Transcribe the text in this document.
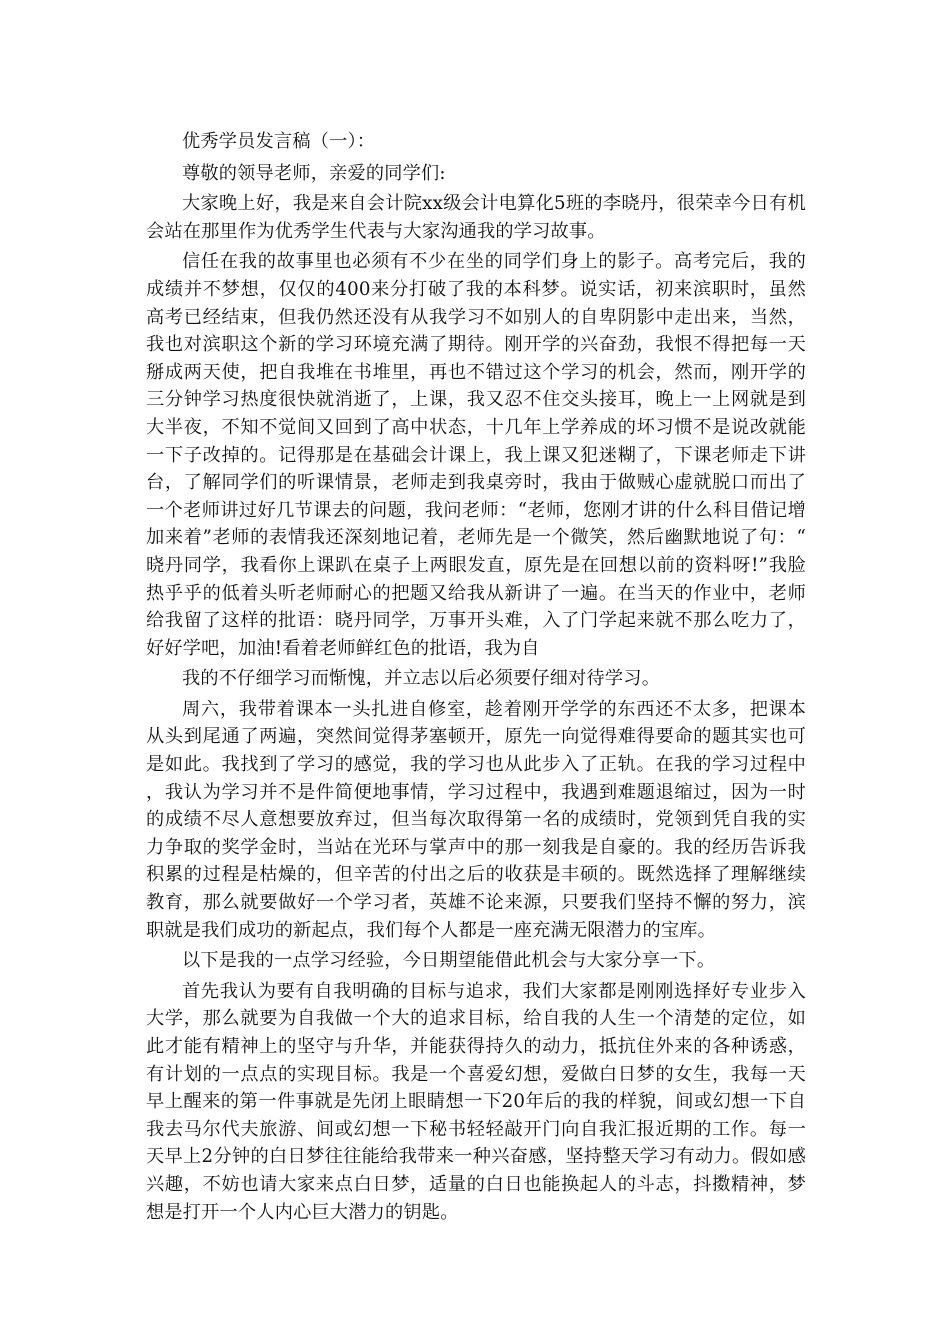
优秀学员发言稿（一）：

尊敬的领导老师，亲爱的同学们:

大家晚上好，我是来自会计院xx级会计电算化5班的李晓丹，很荣幸今日有机会站在那里作为优秀学生代表与大家沟通我的学习故事。

信任在我的故事里也必须有不少在坐的同学们身上的影子。高考完后，我的成绩并不梦想，仅仅的400来分打破了我的本科梦。说实话，初来滨职时，虽然高考已经结束，但我仍然还没有从我学习不如别人的自卑阴影中走出来，当然，我也对滨职这个新的学习环境充满了期待。刚开学的兴奋劲，我恨不得把每一天掰成两天使，把自我堆在书堆里，再也不错过这个学习的机会，然而，刚开学的三分钟学习热度很快就消逝了，上课，我又忍不住交头接耳，晚上一上网就是到大半夜，不知不觉间又回到了高中状态，十几年上学养成的坏习惯不是说改就能一下子改掉的。记得那是在基础会计课上，我上课又犯迷糊了，下课老师走下讲台，了解同学们的听课情景，老师走到我桌旁时，我由于做贼心虚就脱口而出了一个老师讲过好几节课去的问题，我问老师：“老师，您刚才讲的什么科目借记增加来着”老师的表情我还深刻地记着，老师先是一个微笑，然后幽默地说了句：“晓丹同学，我看你上课趴在桌子上两眼发直，原先是在回想以前的资料呀!”我脸热乎乎的低着头听老师耐心的把题又给我从新讲了一遍。在当天的作业中，老师给我留了这样的批语：晓丹同学，万事开头难，入了门学起来就不那么吃力了，好好学吧，加油!看着老师鲜红色的批语，我为自

我的不仔细学习而惭愧，并立志以后必须要仔细对待学习。

周六，我带着课本一头扎进自修室，趁着刚开学学的东西还不太多，把课本从头到尾通了两遍，突然间觉得茅塞顿开，原先一向觉得难得要命的题其实也可是如此。我找到了学习的感觉，我的学习也从此步入了正轨。在我的学习过程中，我认为学习并不是件简便地事情，学习过程中，我遇到难题退缩过，因为一时的成绩不尽人意想要放弃过，但当每次取得第一名的成绩时，党领到凭自我的实力争取的奖学金时，当站在光环与掌声中的那一刻我是自豪的。我的经历告诉我积累的过程是枯燥的，但辛苦的付出之后的收获是丰硕的。既然选择了理解继续教育，那么就要做好一个学习者，英雄不论来源，只要我们坚持不懈的努力，滨职就是我们成功的新起点，我们每个人都是一座充满无限潜力的宝库。

以下是我的一点学习经验，今日期望能借此机会与大家分享一下。

首先我认为要有自我明确的目标与追求，我们大家都是刚刚选择好专业步入大学，那么就要为自我做一个大的追求目标，给自我的人生一个清楚的定位，如此才能有精神上的坚守与升华，并能获得持久的动力，抵抗住外来的各种诱惑，有计划的一点点的实现目标。我是一个喜爱幻想，爱做白日梦的女生，我每一天早上醒来的第一件事就是先闭上眼睛想一下20年后的我的样貌，间或幻想一下自我去马尔代夫旅游、间或幻想一下秘书轻轻敲开门向自我汇报近期的工作。每一天早上2分钟的白日梦往往能给我带来一种兴奋感，坚持整天学习有动力。假如感兴趣，不妨也请大家来点白日梦，适量的白日也能换起人的斗志，抖擞精神，梦想是打开一个人内心巨大潜力的钥匙。
